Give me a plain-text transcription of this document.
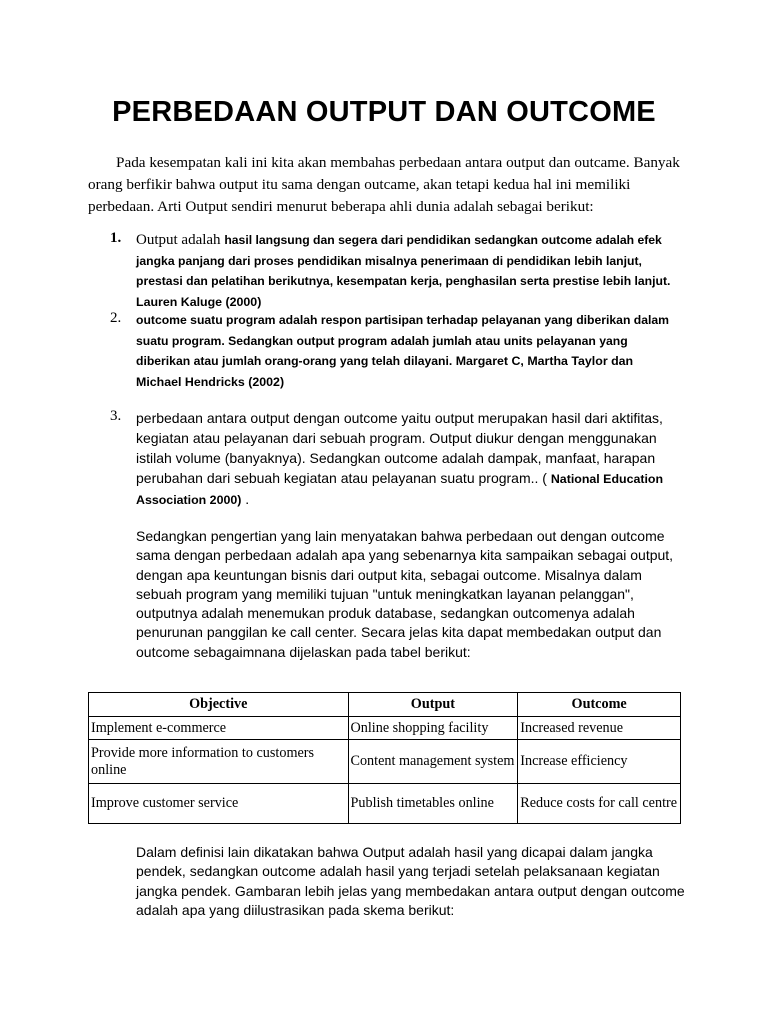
PERBEDAAN OUTPUT DAN OUTCOME

Pada kesempatan kali ini kita akan membahas perbedaan antara output dan outcame. Banyak orang berfikir bahwa output itu sama dengan outcame, akan tetapi kedua hal ini memiliki perbedaan. Arti Output sendiri menurut beberapa ahli dunia adalah sebagai berikut:

1. Output adalah hasil langsung dan segera dari pendidikan sedangkan outcome adalah efek jangka panjang dari proses pendidikan misalnya penerimaan di pendidikan lebih lanjut, prestasi dan pelatihan berikutnya, kesempatan kerja, penghasilan serta prestise lebih lanjut. Lauren Kaluge (2000)

2. outcome suatu program adalah respon partisipan terhadap pelayanan yang diberikan dalam suatu program. Sedangkan output program adalah jumlah atau units pelayanan yang diberikan atau jumlah orang-orang yang telah dilayani. Margaret C, Martha Taylor dan Michael Hendricks (2002)

3. perbedaan antara output dengan outcome yaitu output merupakan hasil dari aktifitas, kegiatan atau pelayanan dari sebuah program. Output diukur dengan menggunakan istilah volume (banyaknya). Sedangkan outcome adalah dampak, manfaat, harapan perubahan dari sebuah kegiatan atau pelayanan suatu program.. ( National Education Association 2000) .

Sedangkan pengertian yang lain menyatakan bahwa perbedaan out dengan outcome sama dengan perbedaan adalah apa yang sebenarnya kita sampaikan sebagai output, dengan apa keuntungan bisnis dari output kita, sebagai outcome. Misalnya dalam sebuah program yang memiliki tujuan "untuk meningkatkan layanan pelanggan", outputnya adalah menemukan produk database, sedangkan outcomenya adalah penurunan panggilan ke call center. Secara jelas kita dapat membedakan output dan outcome sebagaimnana dijelaskan pada tabel berikut:

Objective	Output	Outcome
Implement e-commerce	Online shopping facility	Increased revenue
Provide more information to customers online	Content management system	Increase efficiency
Improve customer service	Publish timetables online	Reduce costs for call centre

Dalam definisi lain dikatakan bahwa Output adalah hasil yang dicapai dalam jangka pendek, sedangkan outcome adalah hasil yang terjadi setelah pelaksanaan kegiatan jangka pendek. Gambaran lebih jelas yang membedakan antara output dengan outcome adalah apa yang diilustrasikan pada skema berikut:
